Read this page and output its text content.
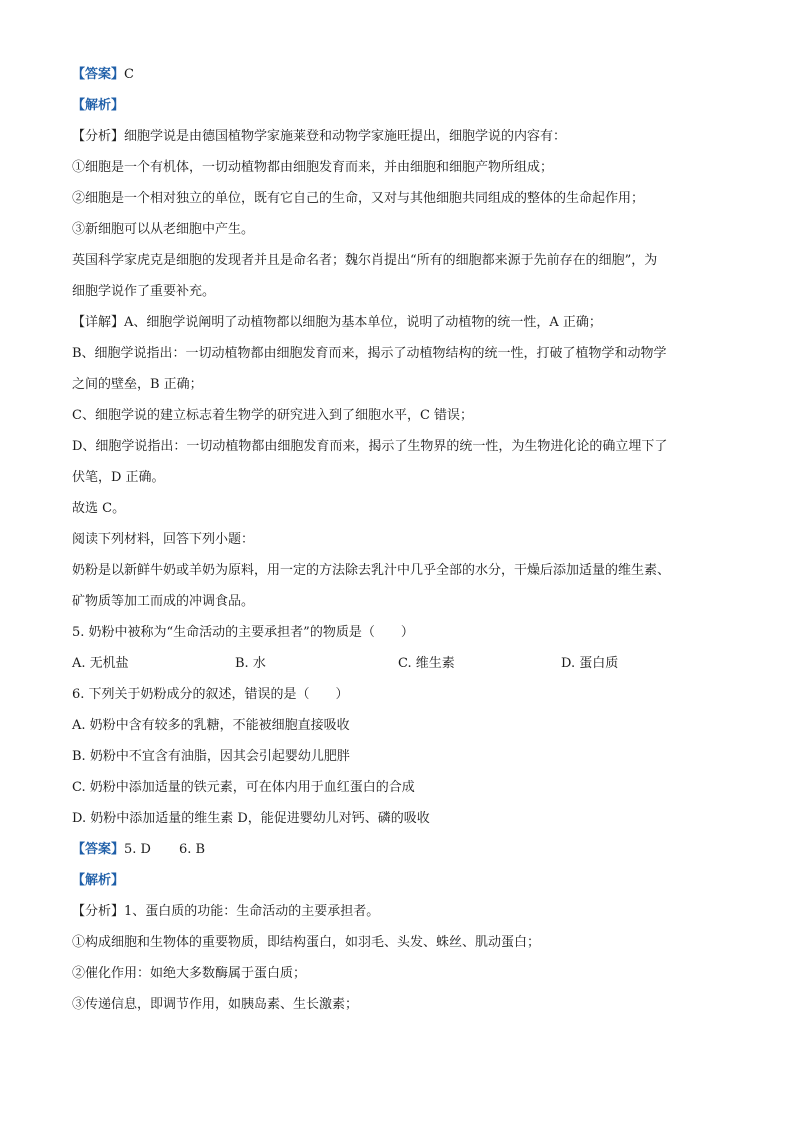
【答案】C
【解析】
【分析】细胞学说是由德国植物学家施莱登和动物学家施旺提出，细胞学说的内容有：
①细胞是一个有机体，一切动植物都由细胞发育而来，并由细胞和细胞产物所组成；
②细胞是一个相对独立的单位，既有它自己的生命，又对与其他细胞共同组成的整体的生命起作用；
③新细胞可以从老细胞中产生。
英国科学家虎克是细胞的发现者并且是命名者；魏尔肖提出“所有的细胞都来源于先前存在的细胞”，为
细胞学说作了重要补充。
【详解】A、细胞学说阐明了动植物都以细胞为基本单位，说明了动植物的统一性，A 正确；
B、细胞学说指出：一切动植物都由细胞发育而来，揭示了动植物结构的统一性，打破了植物学和动物学
之间的壁垒，B 正确；
C、细胞学说的建立标志着生物学的研究进入到了细胞水平，C 错误；
D、细胞学说指出：一切动植物都由细胞发育而来，揭示了生物界的统一性，为生物进化论的确立埋下了
伏笔，D 正确。
故选 C。
阅读下列材料，回答下列小题：
奶粉是以新鲜牛奶或羊奶为原料，用一定的方法除去乳汁中几乎全部的水分，干燥后添加适量的维生素、
矿物质等加工而成的冲调食品。
5. 奶粉中被称为“生命活动的主要承担者”的物质是（　　）
A. 无机盐	B. 水	C. 维生素	D. 蛋白质
6. 下列关于奶粉成分的叙述，错误的是（　　）
A. 奶粉中含有较多的乳糖，不能被细胞直接吸收
B. 奶粉中不宜含有油脂，因其会引起婴幼儿肥胖
C. 奶粉中添加适量的铁元素，可在体内用于血红蛋白的合成
D. 奶粉中添加适量的维生素 D，能促进婴幼儿对钙、磷的吸收
【答案】5. D 6. B
【解析】
【分析】1、蛋白质的功能：生命活动的主要承担者。
①构成细胞和生物体的重要物质，即结构蛋白，如羽毛、头发、蛛丝、肌动蛋白；
②催化作用：如绝大多数酶属于蛋白质；
③传递信息，即调节作用，如胰岛素、生长激素；
